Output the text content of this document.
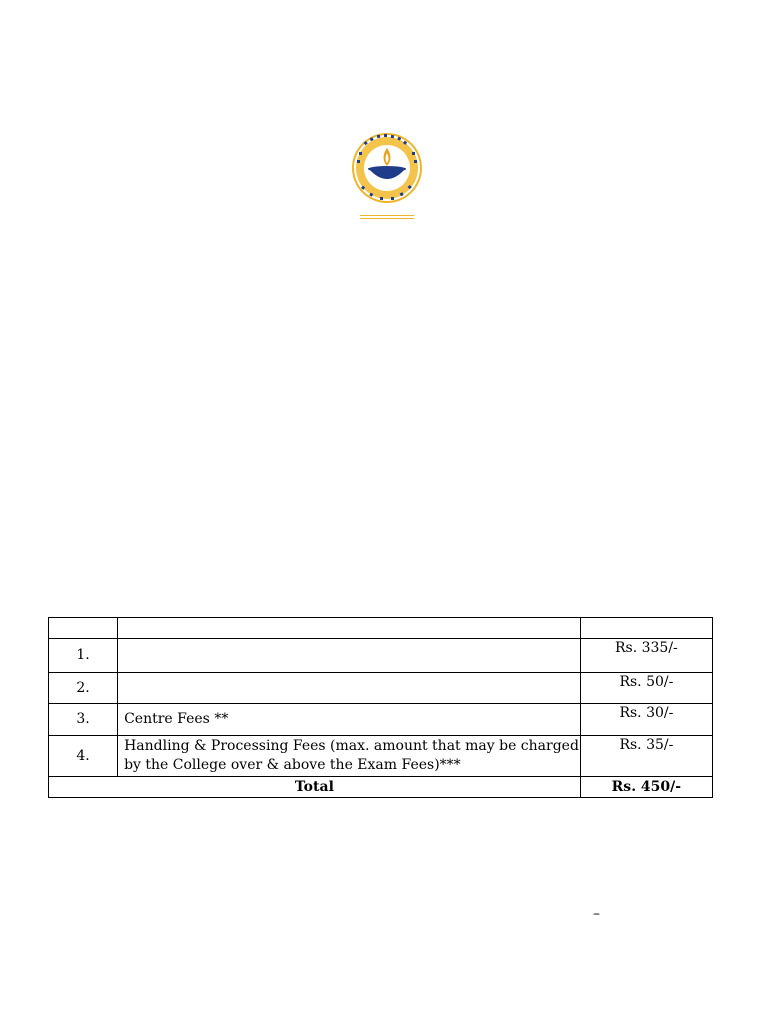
1.		Rs. 335/-
2.		Rs. 50/-
3.	Centre Fees **	Rs. 30/-
4.	Handling & Processing Fees (max. amount that may be charged by the College over & above the Exam Fees)***	Rs. 35/-
Total		Rs. 450/-
–
